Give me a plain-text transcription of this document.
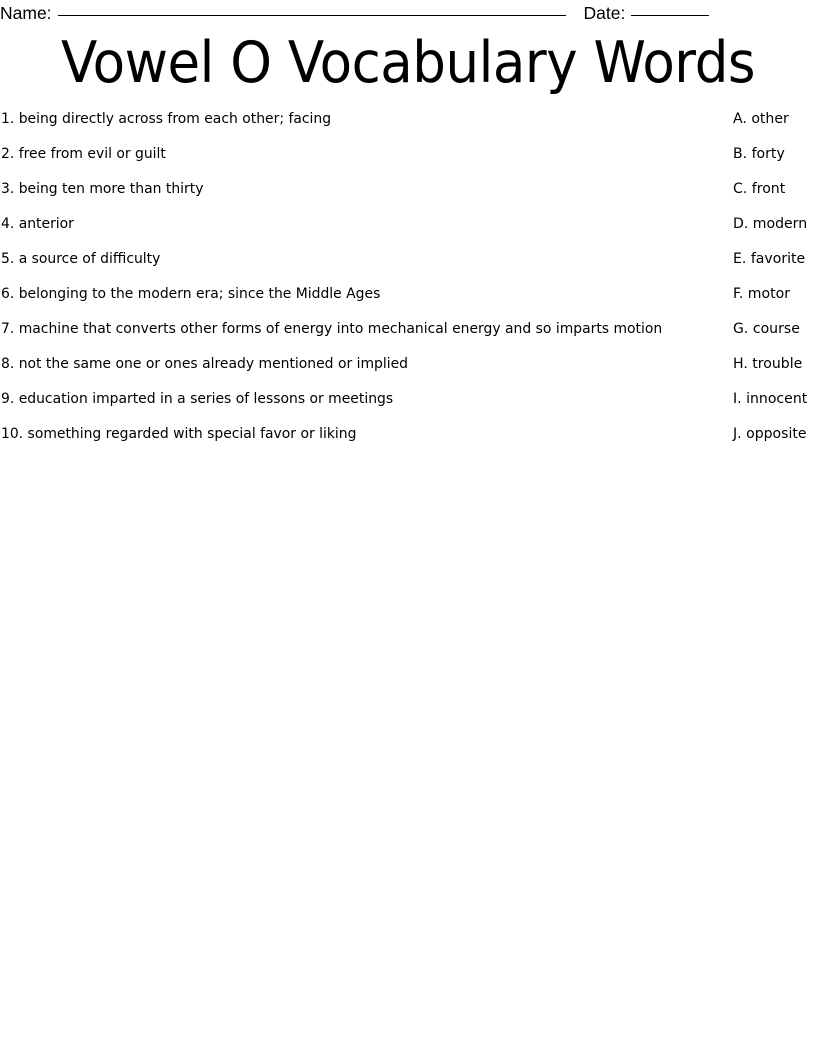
Name:	Date:
Vowel O Vocabulary Words
1. being directly across from each other; facing
2. free from evil or guilt
3. being ten more than thirty
4. anterior
5. a source of difficulty
6. belonging to the modern era; since the Middle Ages
7. machine that converts other forms of energy into mechanical energy and so imparts motion
8. not the same one or ones already mentioned or implied
9. education imparted in a series of lessons or meetings
10. something regarded with special favor or liking
A. other
B. forty
C. front
D. modern
E. favorite
F. motor
G. course
H. trouble
I. innocent
J. opposite
